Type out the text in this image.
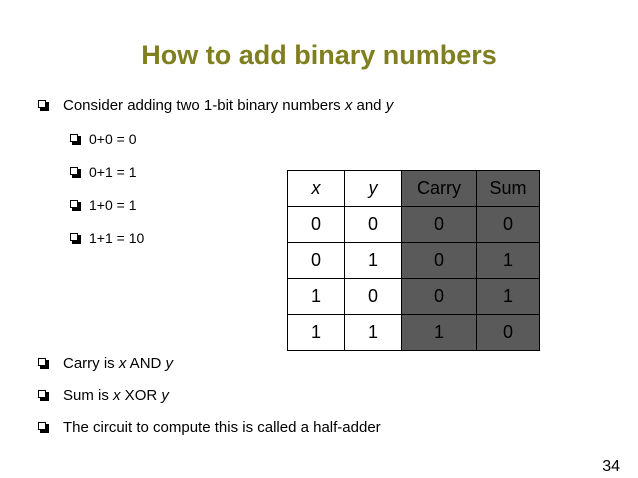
How to add binary numbers
Consider adding two 1-bit binary numbers x and y
0+0 = 0
0+1 = 1
1+0 = 1
1+1 = 10
x	y	Carry	Sum
0	0	0	0
0	1	0	1
1	0	0	1
1	1	1	0
Carry is x AND y
Sum is x XOR y
The circuit to compute this is called a half-adder
34
